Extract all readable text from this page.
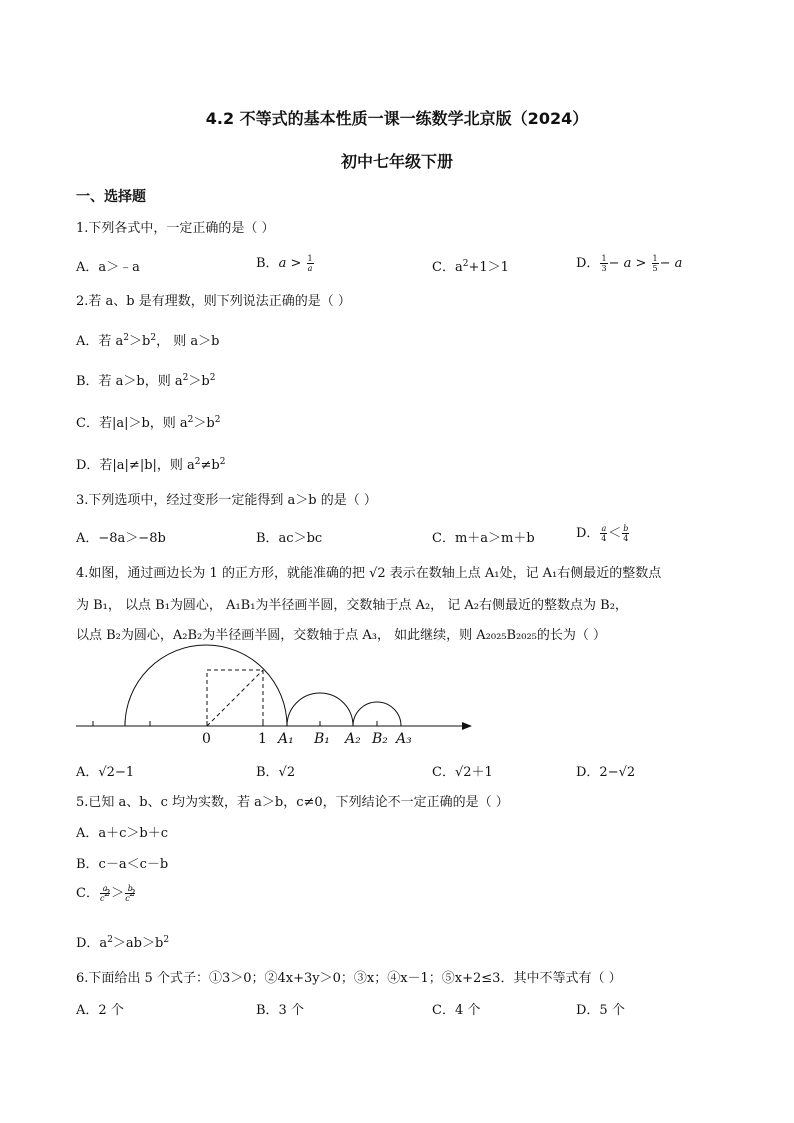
4.2 不等式的基本性质一课一练数学北京版（2024）
初中七年级下册
一、选择题
1.下列各式中，一定正确的是（ ）
A．a＞﹣a	B．$a > \frac{1}{a}$	C．$a^2+1>1$	D． $\frac{1}{3} - a > \frac{1}{5} - a$
2.若 a、b 是有理数，则下列说法正确的是（ ）
A．若 $a^2>b^2$， 则 a＞b
B．若 a＞b，则 $a^2>b^2$
C．若|a|＞b，则 $a^2>b^2$
D．若|a|≠|b|，则 $a^2\ne b^2$
3.下列选项中，经过变形一定能得到 a＞b 的是（ ）
A．−8a＞−8b	B．ac＞bc	C．m＋a＞m＋b	D． $\frac{a}{4} < \frac{b}{4}$
4.如图，通过画边长为 1 的正方形，就能准确的把 √2 表示在数轴上点 A₁处，记 A₁右侧最近的整数点
为 B₁， 以点 B₁为圆心， A₁B₁为半径画半圆，交数轴于点 A₂， 记 A₂右侧最近的整数点为 B₂，
以点 B₂为圆心，A₂B₂为半径画半圆，交数轴于点 A₃， 如此继续，则 A₂₀₂₅B₂₀₂₅的长为（ ）
0	1 A₁ B₁ A₂ B₂ A₃
A．√2−1	B．√2	C．√2＋1	D．2−√2
5.已知 a、b、c 均为实数，若 a＞b，c≠0，下列结论不一定正确的是（ ）
A．a＋c＞b＋c
B．c－a＜c－b
C． $\frac{a}{c^2} > \frac{b}{c^2}$
D．$a^2>ab>b^2$
6.下面给出 5 个式子：①3＞0；②4x+3y＞0；③x；④x－1；⑤x+2≤3．其中不等式有（ ）
A．2 个	B．3 个	C．4 个	D．5 个
